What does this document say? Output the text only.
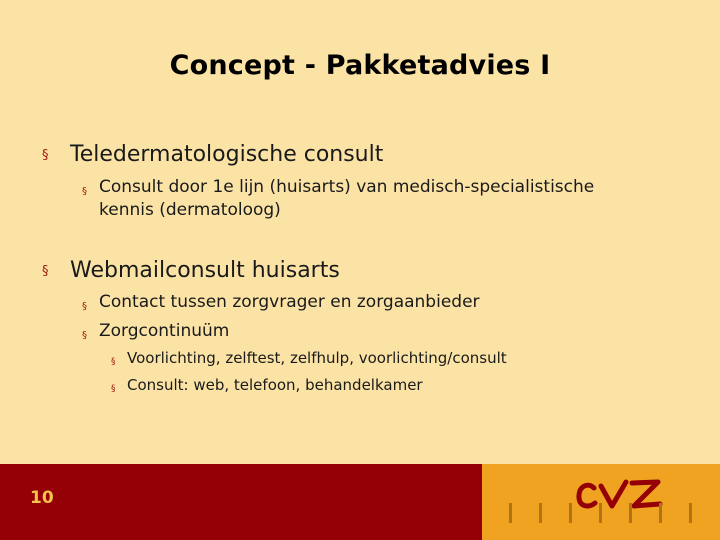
Concept - Pakketadvies I
§ Teledermatologische consult
§ Consult door 1e lijn (huisarts) van medisch-specialistische
kennis (dermatoloog)
§ Webmailconsult huisarts
§ Contact tussen zorgvrager en zorgaanbieder
§ Zorgcontinuüm
§ Voorlichting, zelftest, zelfhulp, voorlichting/consult
§ Consult: web, telefoon, behandelkamer
10
